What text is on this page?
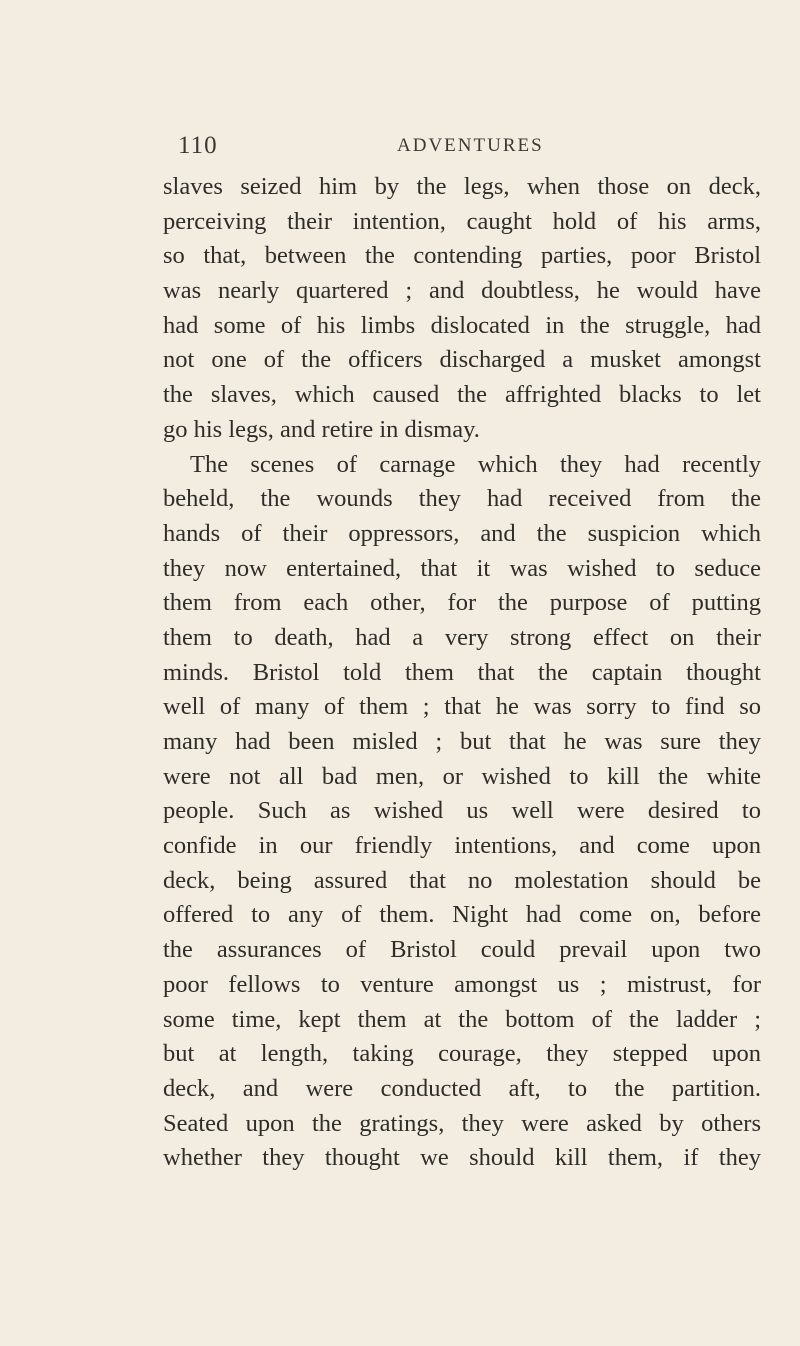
110	ADVENTURES
slaves seized him by the legs, when those on deck,
perceiving their intention, caught hold of his arms,
so that, between the contending parties, poor Bristol
was nearly quartered ; and doubtless, he would have
had some of his limbs dislocated in the struggle, had
not one of the officers discharged a musket amongst
the slaves, which caused the affrighted blacks to let
go his legs, and retire in dismay.
The scenes of carnage which they had recently
beheld, the wounds they had received from the
hands of their oppressors, and the suspicion which
they now entertained, that it was wished to seduce
them from each other, for the purpose of putting
them to death, had a very strong effect on their
minds. Bristol told them that the captain thought
well of many of them ; that he was sorry to find so
many had been misled ; but that he was sure they
were not all bad men, or wished to kill the white
people. Such as wished us well were desired to
confide in our friendly intentions, and come upon
deck, being assured that no molestation should be
offered to any of them. Night had come on, before
the assurances of Bristol could prevail upon two
poor fellows to venture amongst us ; mistrust, for
some time, kept them at the bottom of the ladder ;
but at length, taking courage, they stepped upon
deck, and were conducted aft, to the partition.
Seated upon the gratings, they were asked by others
whether they thought we should kill them, if they
